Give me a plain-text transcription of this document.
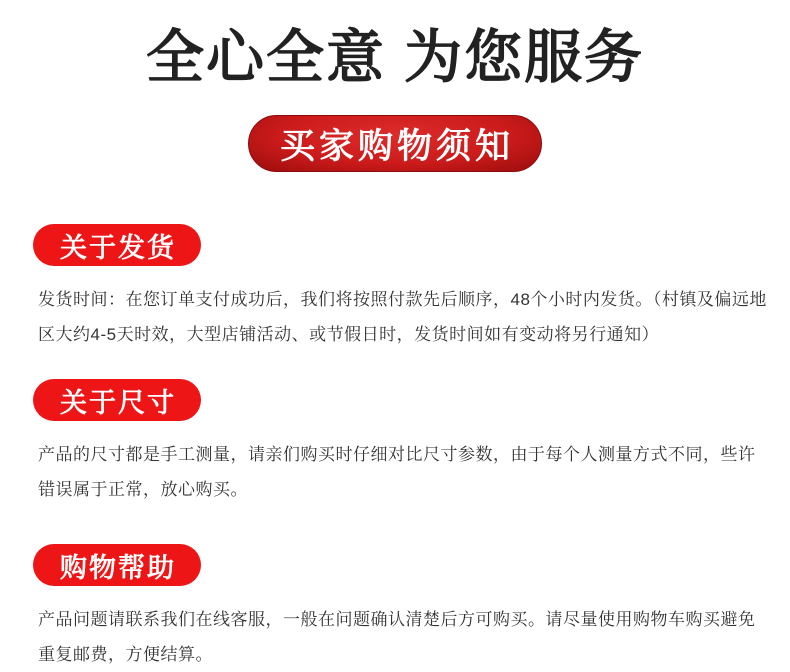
全心全意 为您服务
买家购物须知
关于发货

发货时间：在您订单支付成功后，我们将按照付款先后顺序，48个小时内发货。（村镇及偏远地区大约4-5天时效，大型店铺活动、或节假日时，发货时间如有变动将另行通知）

关于尺寸

产品的尺寸都是手工测量，请亲们购买时仔细对比尺寸参数，由于每个人测量方式不同，些许错误属于正常，放心购买。

购物帮助

产品问题请联系我们在线客服，一般在问题确认清楚后方可购买。请尽量使用购物车购买避免重复邮费，方便结算。
